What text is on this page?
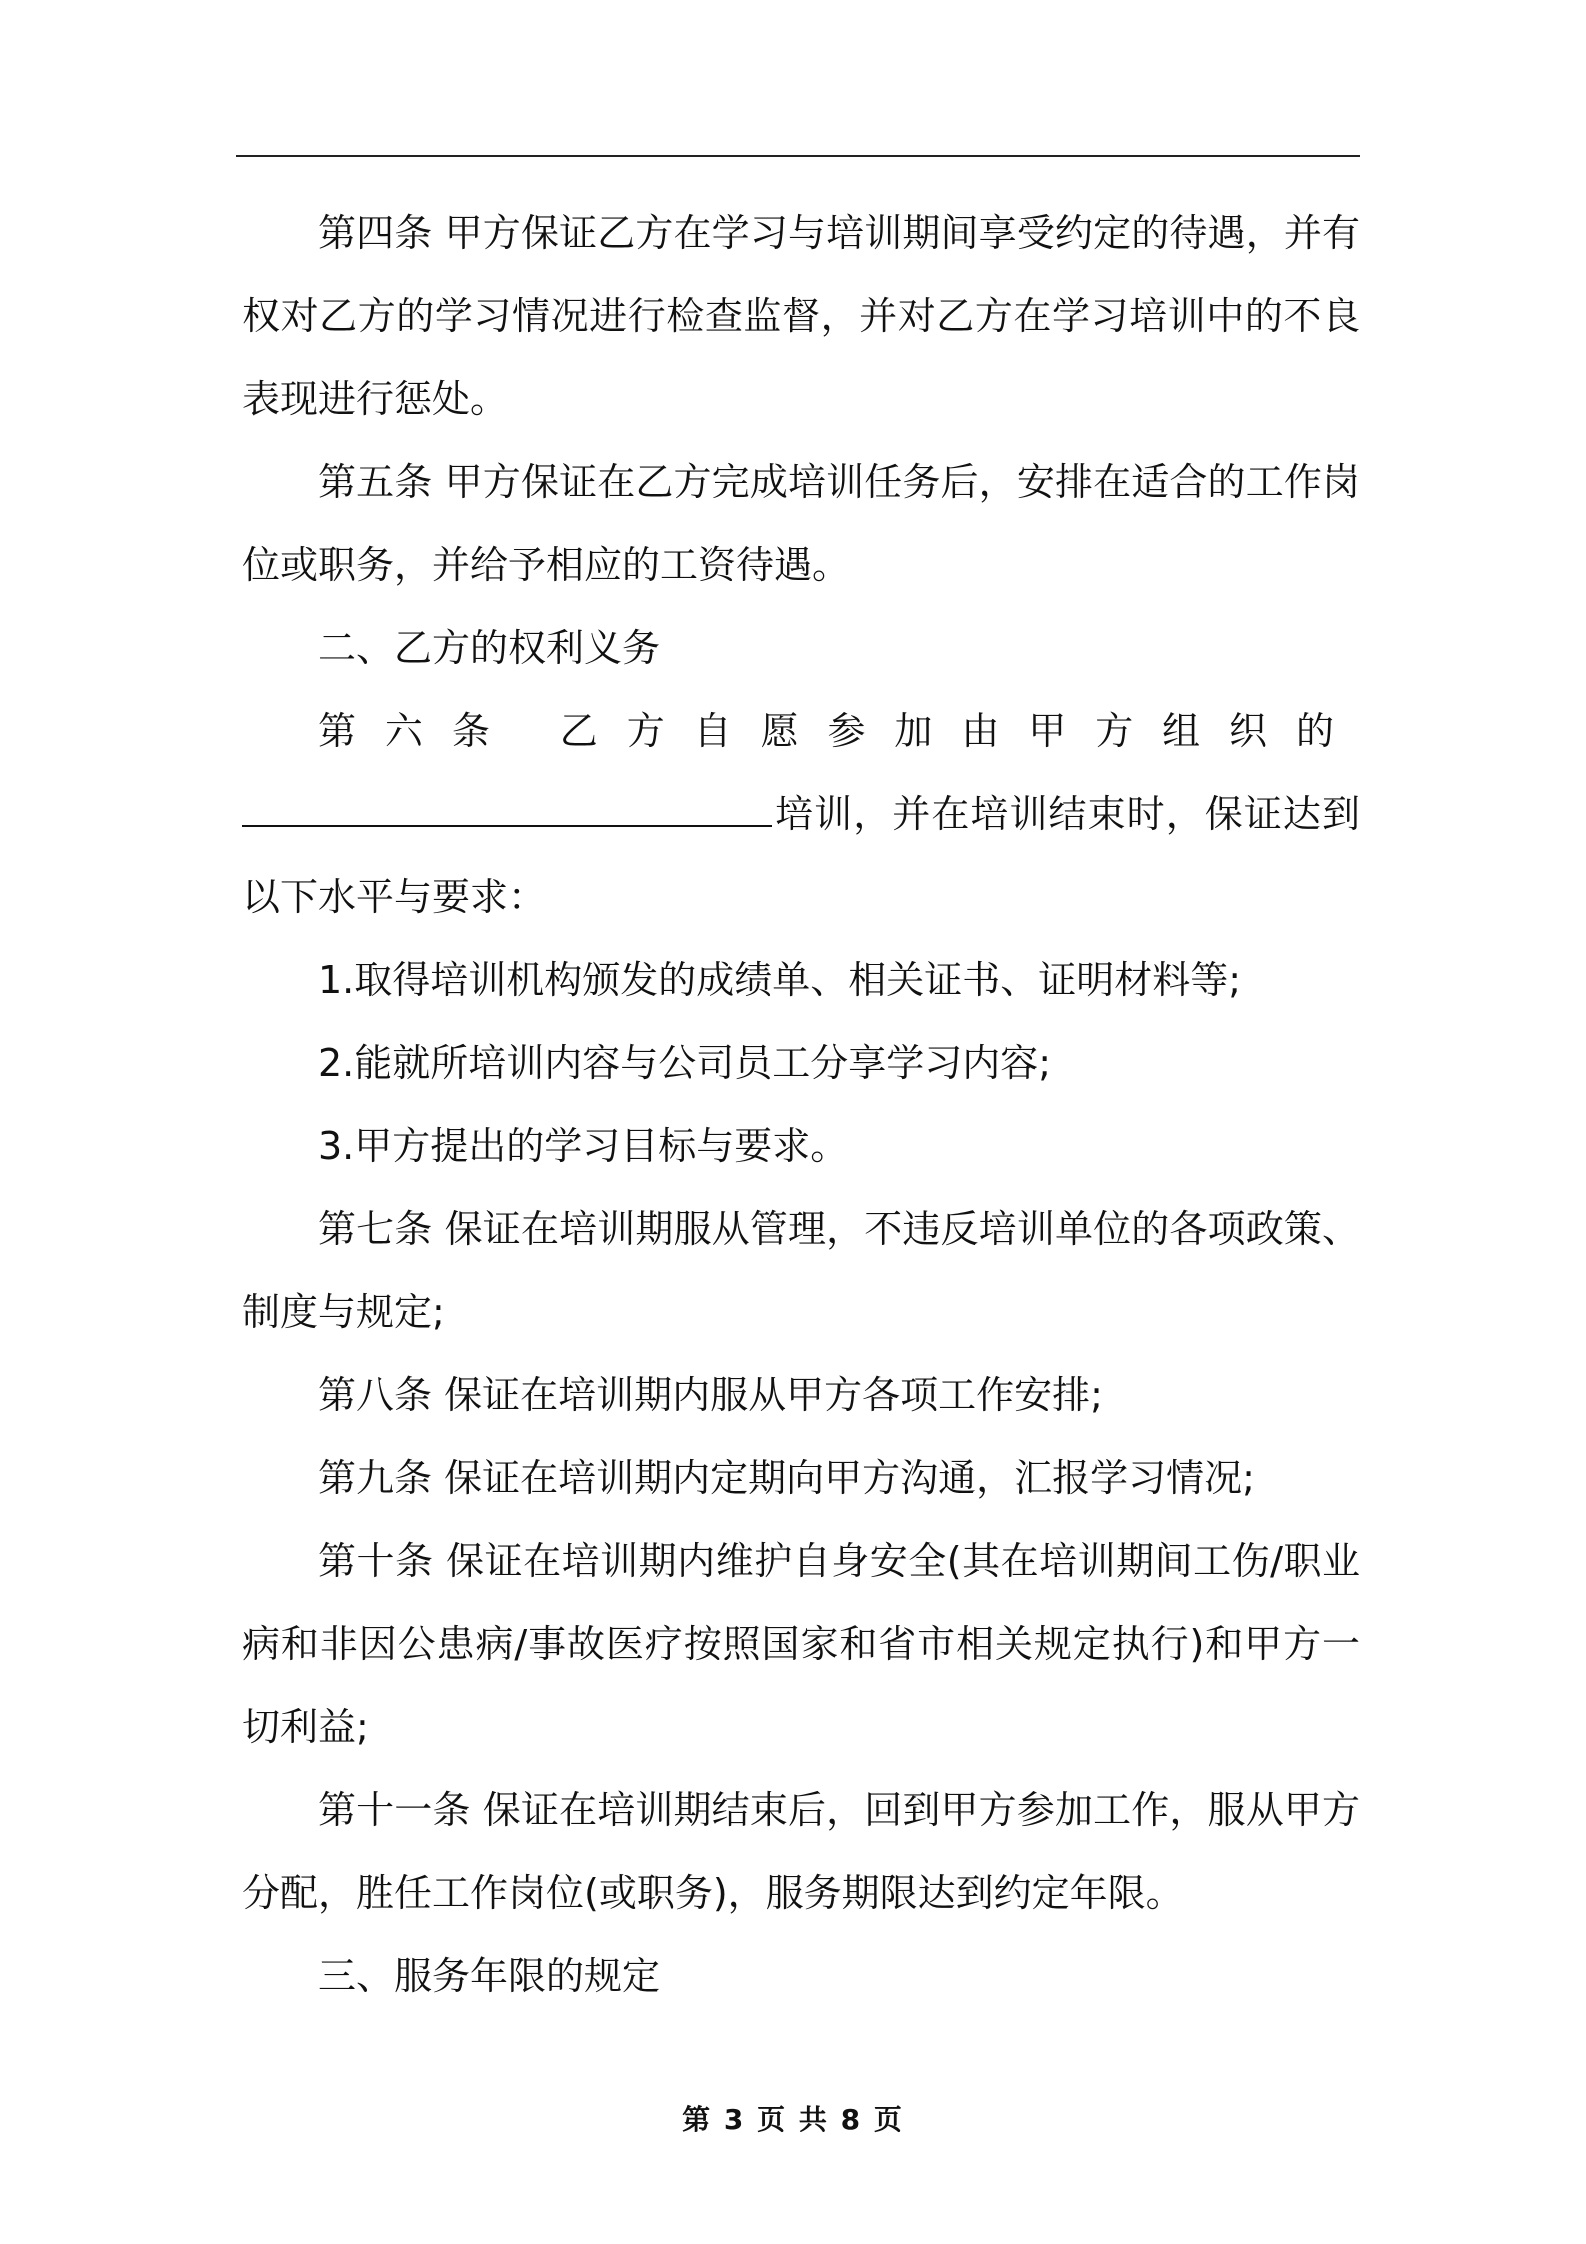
第四条 甲方保证乙方在学习与培训期间享受约定的待遇，并有权对乙方的学习情况进行检查监督，并对乙方在学习培训中的不良表现进行惩处。

第五条 甲方保证在乙方完成培训任务后，安排在适合的工作岗位或职务，并给予相应的工资待遇。

二、乙方的权利义务

第六条 乙方自愿参加由甲方组织的

培训，并在培训结束时，保证达到以下水平与要求：

1.取得培训机构颁发的成绩单、相关证书、证明材料等;

2.能就所培训内容与公司员工分享学习内容;

3.甲方提出的学习目标与要求。

第七条 保证在培训期服从管理，不违反培训单位的各项政策、制度与规定;

第八条 保证在培训期内服从甲方各项工作安排;

第九条 保证在培训期内定期向甲方沟通，汇报学习情况;

第十条 保证在培训期内维护自身安全(其在培训期间工伤/职业病和非因公患病/事故医疗按照国家和省市相关规定执行)和甲方一切利益;

第十一条 保证在培训期结束后，回到甲方参加工作，服从甲方分配，胜任工作岗位(或职务)，服务期限达到约定年限。

三、服务年限的规定

第 3 页 共 8 页
